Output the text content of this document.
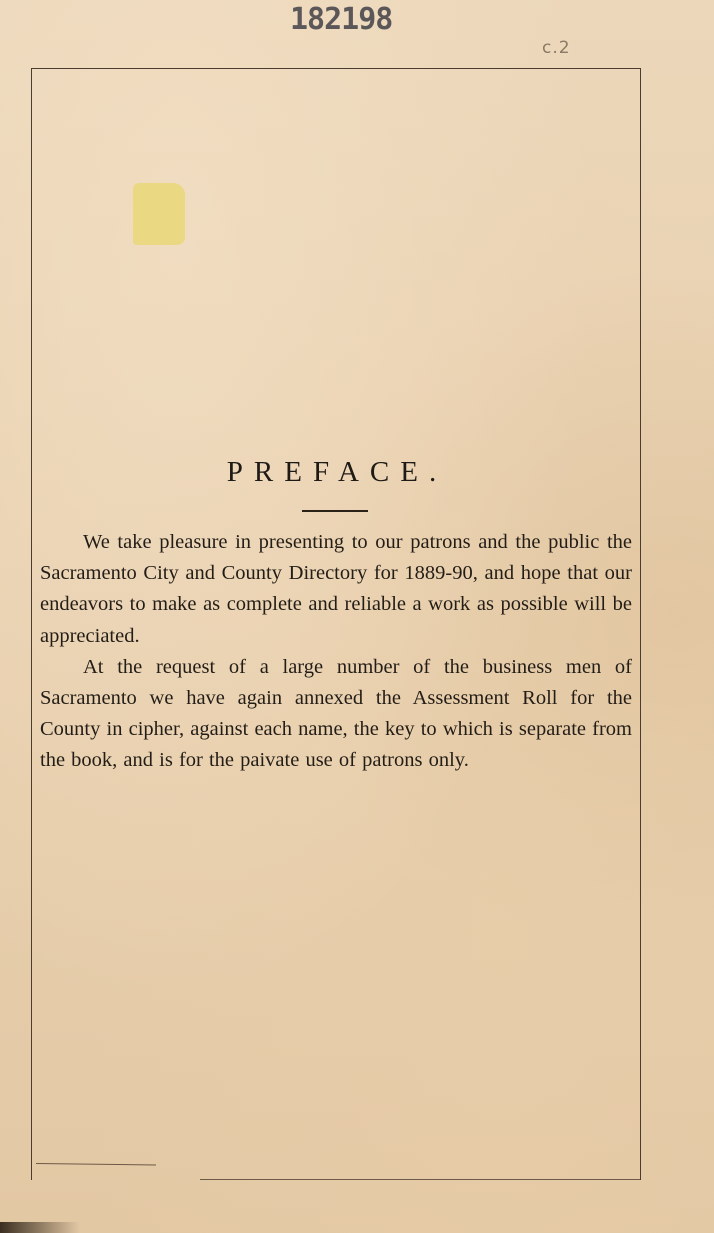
182198
c.2
PREFACE.

We take pleasure in presenting to our patrons and the public the Sacramento City and County Directory for 1889-90, and hope that our endeavors to make as complete and reliable a work as possible will be appreciated.

At the request of a large number of the business men of Sacramento we have again annexed the Assessment Roll for the County in cipher, against each name, the key to which is separate from the book, and is for the paivate use of patrons only.
